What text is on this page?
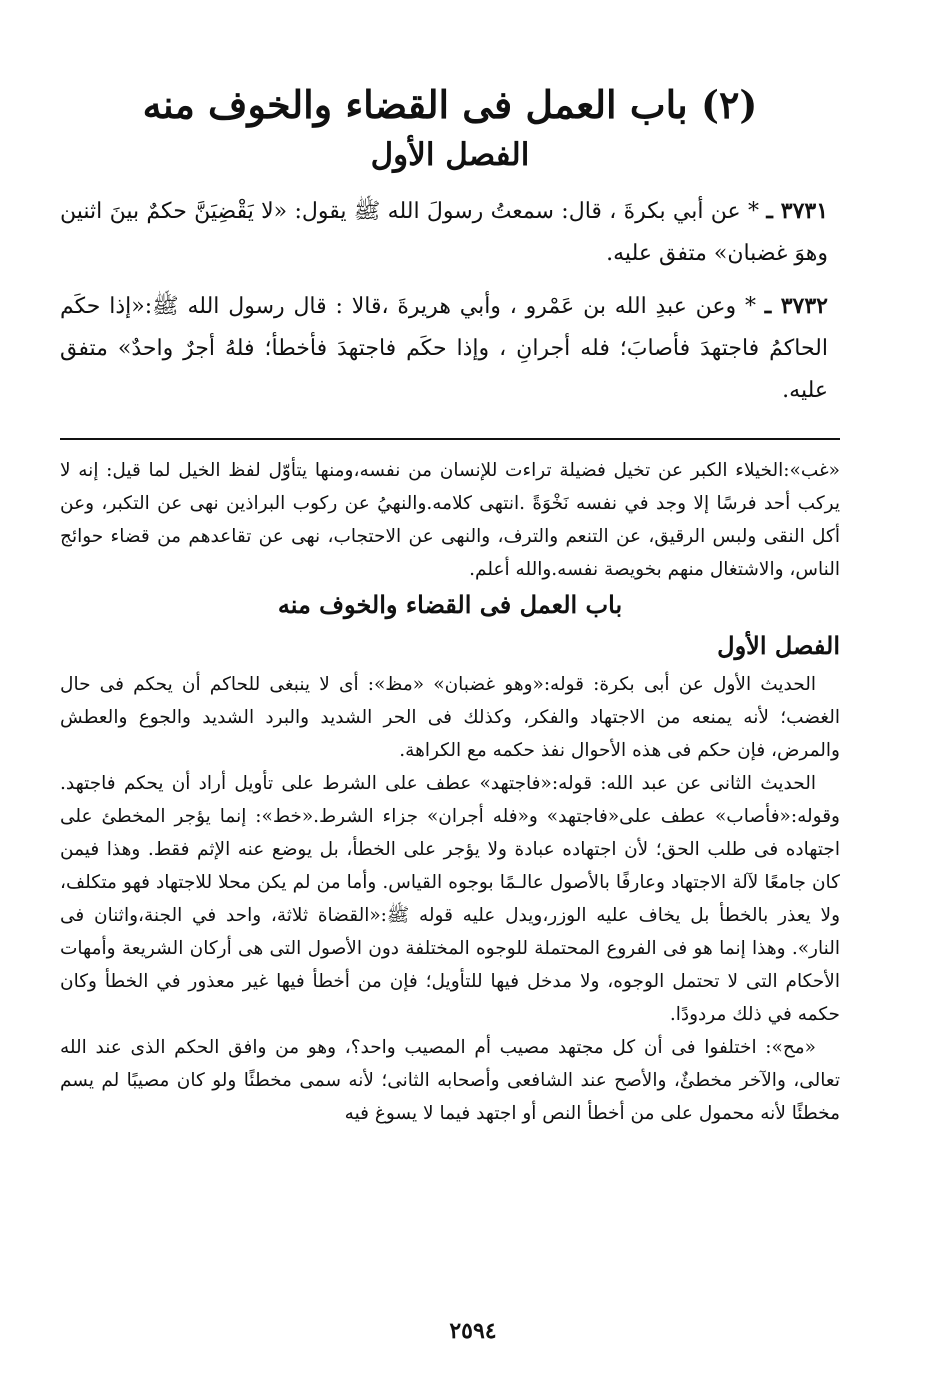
(٢) باب العمل فى القضاء والخوف منه
الفصل الأول

٣٧٣١ ـ * عن أبي بكرةَ ، قال: سمعتُ رسولَ الله ﷺ يقول: «لا يَقْضِيَنَّ حكمٌ بينَ اثنين وهوَ غضبان» متفق عليه.

٣٧٣٢ ـ * وعن عبدِ الله بن عَمْرو ، وأبي هريرةَ ،قالا : قال رسول الله ﷺ:«إذا حكَم الحاكمُ فاجتهدَ فأصابَ؛ فله أجرانِ ، وإذا حكَم فاجتهدَ فأخطأ؛ فلهُ أجرٌ واحدٌ» متفق عليه.

«غب»:الخيلاء الكبر عن تخيل فضيلة تراءت للإنسان من نفسه،ومنها يتأوّل لفظ الخيل لما قيل: إنه لا يركب أحد فرسًا إلا وجد في نفسه نَخْوَةً .انتهى كلامه.والنهيُ عن ركوب البراذين نهى عن التكبر، وعن أكل النقى ولبس الرقيق، عن التنعم والترف، والنهى عن الاحتجاب، نهى عن تقاعدهم من قضاء حوائج الناس، والاشتغال منهم بخويصة نفسه.والله أعلم.

باب العمل فى القضاء والخوف منه
الفصل الأول

الحديث الأول عن أبى بكرة: قوله:«وهو غضبان» «مظ»: أى لا ينبغى للحاكم أن يحكم فى حال الغضب؛ لأنه يمنعه من الاجتهاد والفكر، وكذلك فى الحر الشديد والبرد الشديد والجوع والعطش والمرض، فإن حكم فى هذه الأحوال نفذ حكمه مع الكراهة.

الحديث الثانى عن عبد الله: قوله:«فاجتهد» عطف على الشرط على تأويل أراد أن يحكم فاجتهد. وقوله:«فأصاب» عطف على«فاجتهد» و«فله أجران» جزاء الشرط.«خط»: إنما يؤجر المخطئ على اجتهاده فى طلب الحق؛ لأن اجتهاده عبادة ولا يؤجر على الخطأ، بل يوضع عنه الإثم فقط. وهذا فيمن كان جامعًا لآلة الاجتهاد وعارفًا بالأصول عالـمًا بوجوه القياس. وأما من لم يكن محلا للاجتهاد فهو متكلف، ولا يعذر بالخطأ بل يخاف عليه الوزر،ويدل عليه قوله ﷺ:«القضاة ثلاثة، واحد في الجنة،واثنان فى النار». وهذا إنما هو فى الفروع المحتملة للوجوه المختلفة دون الأصول التى هى أركان الشريعة وأمهات الأحكام التى لا تحتمل الوجوه، ولا مدخل فيها للتأويل؛ فإن من أخطأ فيها غير معذور في الخطأ وكان حكمه في ذلك مردودًا.

«مح»: اختلفوا فى أن كل مجتهد مصيب أم المصيب واحد؟، وهو من وافق الحكم الذى عند الله تعالى، والآخر مخطئٌ، والأصح عند الشافعى وأصحابه الثانى؛ لأنه سمى مخطئًا ولو كان مصيبًا لم يسم مخطئًا لأنه محمول على من أخطأ النص أو اجتهد فيما لا يسوغ فيه

٢٥٩٤
